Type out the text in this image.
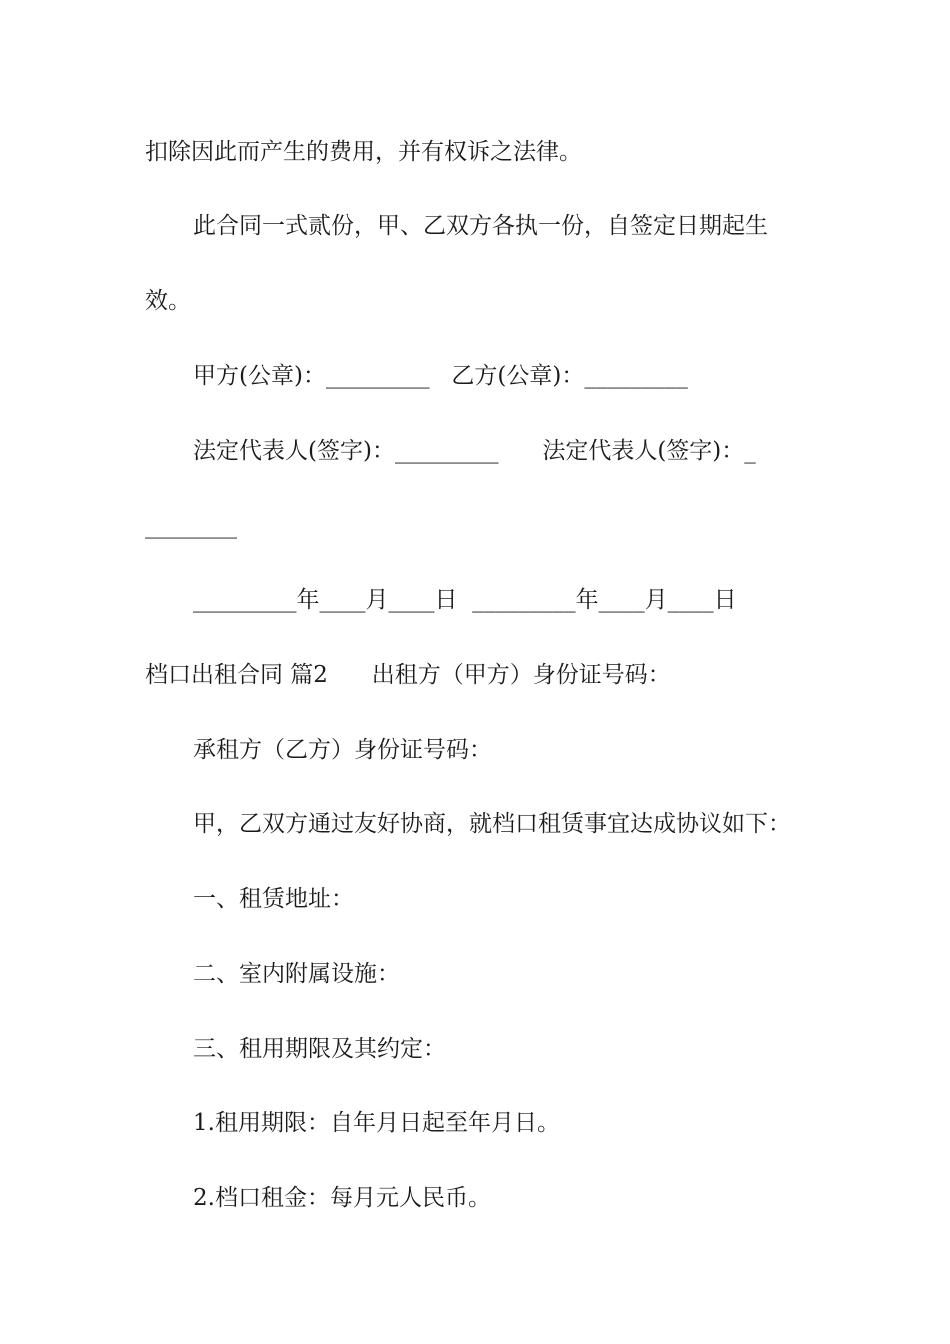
扣除因此而产生的费用，并有权诉之法律。
此合同一式贰份，甲、乙双方各执一份，自签定日期起生
效。
甲方(公章)：_________   乙方(公章)：_________
法定代表人(签字)：_________      法定代表人(签字)：_
________
_________年____月____日  _________年____月____日
档口出租合同 篇2      出租方（甲方）身份证号码：
承租方（乙方）身份证号码：
甲，乙双方通过友好协商，就档口租赁事宜达成协议如下：
一、租赁地址：
二、室内附属设施：
三、租用期限及其约定：
1.租用期限：自年月日起至年月日。
2.档口租金：每月元人民币。
